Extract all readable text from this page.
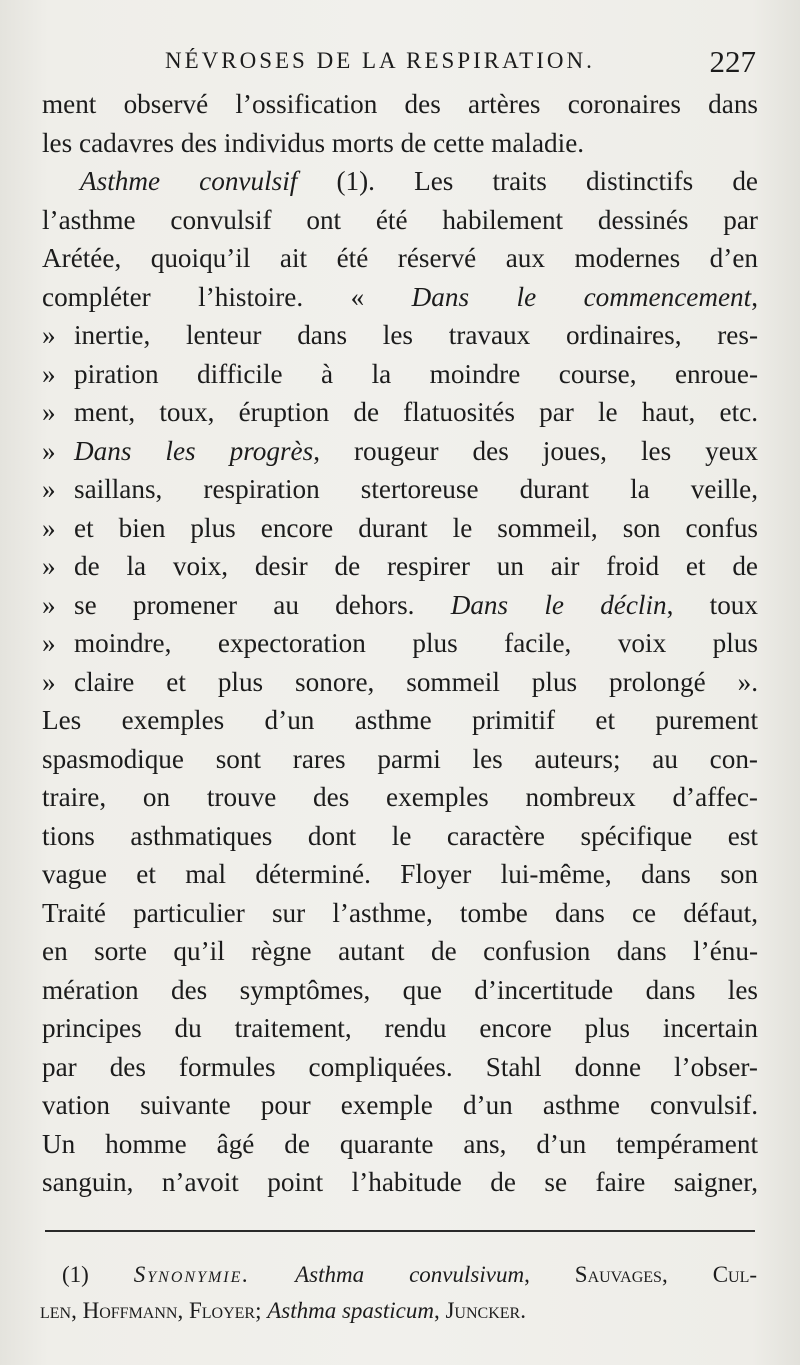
NÉVROSES DE LA RESPIRATION.	227
ment observé l’ossification des artères coronaires dans
les cadavres des individus morts de cette maladie.
Asthme convulsif (1). Les traits distinctifs de
l’asthme convulsif ont été habilement dessinés par
Arétée, quoiqu’il ait été réservé aux modernes d’en
compléter l’histoire. « Dans le commencement,
» inertie, lenteur dans les travaux ordinaires, res-
» piration difficile à la moindre course, enroue-
» ment, toux, éruption de flatuosités par le haut, etc.
» Dans les progrès, rougeur des joues, les yeux
» saillans, respiration stertoreuse durant la veille,
» et bien plus encore durant le sommeil, son confus
» de la voix, desir de respirer un air froid et de
» se promener au dehors. Dans le déclin, toux
» moindre, expectoration plus facile, voix plus
» claire et plus sonore, sommeil plus prolongé ».
Les exemples d’un asthme primitif et purement
spasmodique sont rares parmi les auteurs; au con-
traire, on trouve des exemples nombreux d’affec-
tions asthmatiques dont le caractère spécifique est
vague et mal déterminé. Floyer lui-même, dans son
Traité particulier sur l’asthme, tombe dans ce défaut,
en sorte qu’il règne autant de confusion dans l’énu-
mération des symptômes, que d’incertitude dans les
principes du traitement, rendu encore plus incertain
par des formules compliquées. Stahl donne l’obser-
vation suivante pour exemple d’un asthme convulsif.
Un homme âgé de quarante ans, d’un tempérament
sanguin, n’avoit point l’habitude de se faire saigner,
(1) Synonymie. Asthma convulsivum, Sauvages, Cul-
len, Hoffmann, Floyer; Asthma spasticum, Juncker.
